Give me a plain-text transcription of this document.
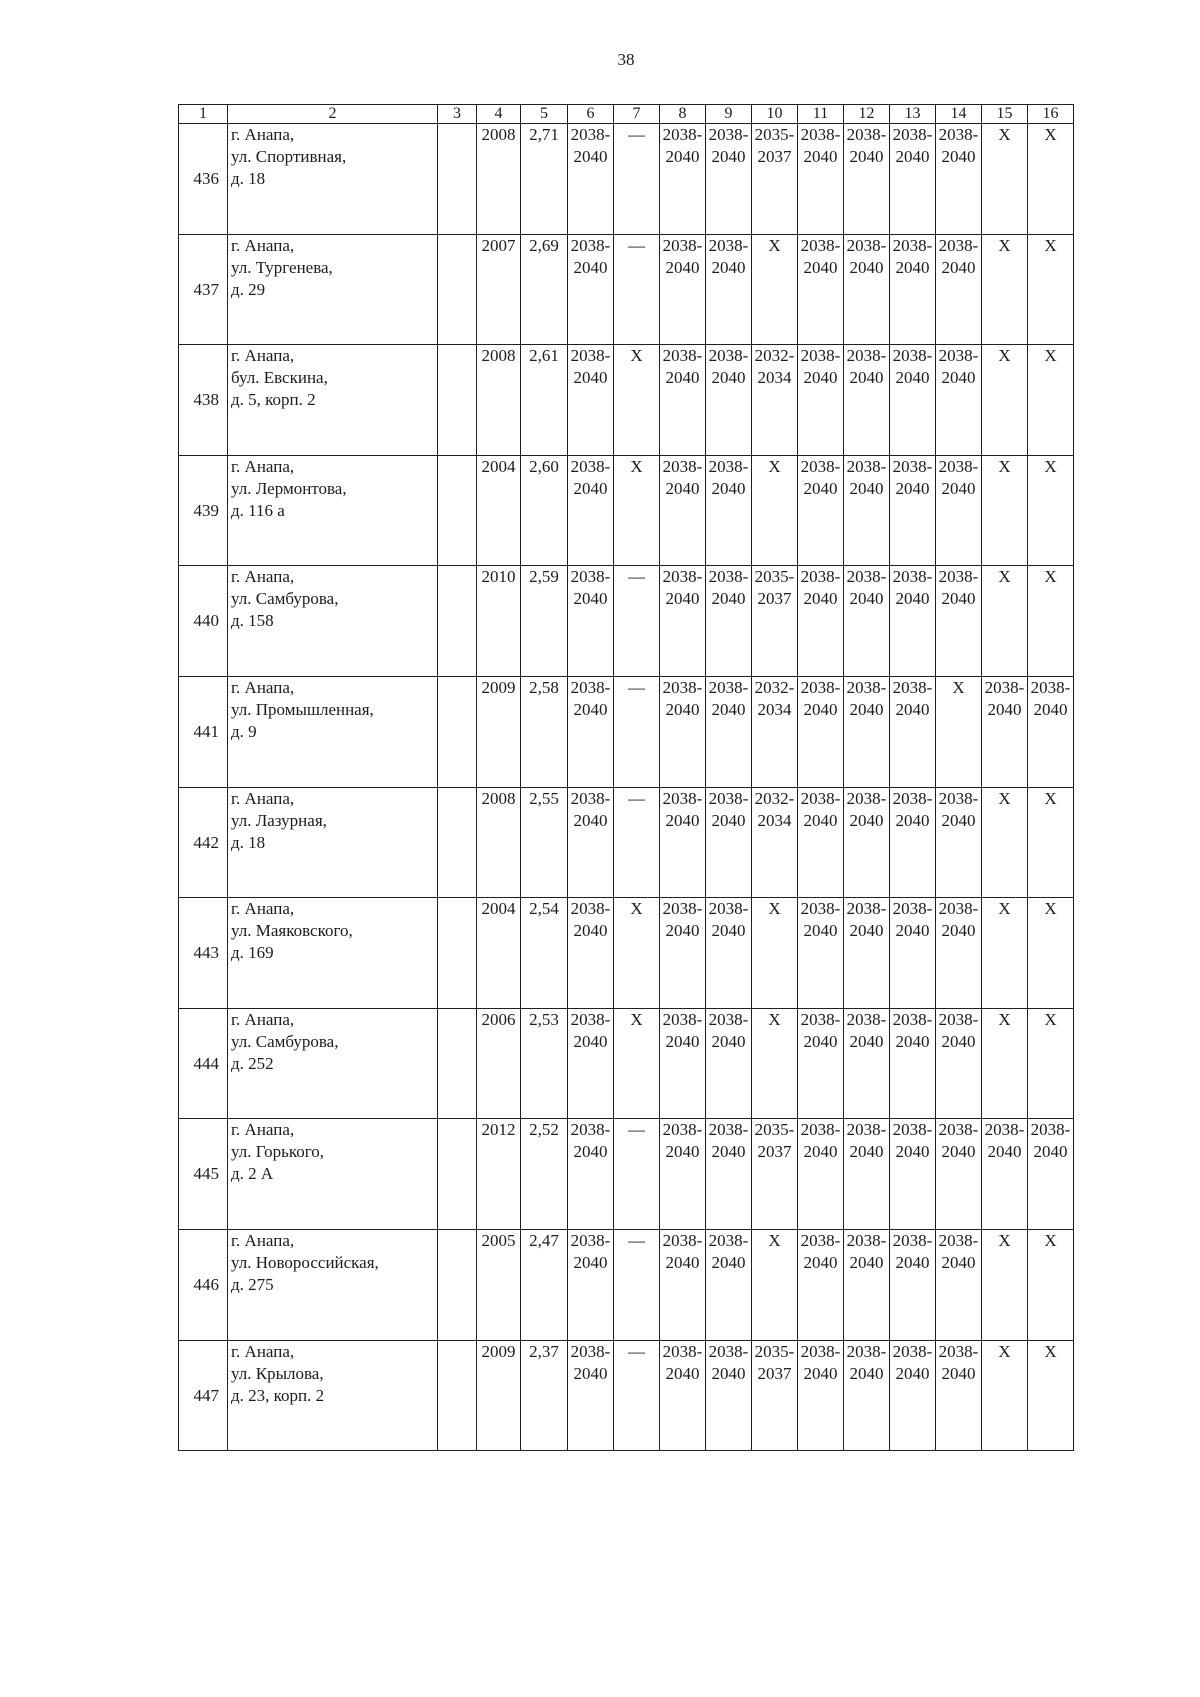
38
1	2	3	4	5	6	7	8	9	10	11	12	13	14	15	16
436	г. Анапа,
ул. Спортивная,
д. 18		2008	2,71	2038-
2040	—	2038-
2040	2038-
2040	2035-
2037	2038-
2040	2038-
2040	2038-
2040	2038-
2040	Х	Х
437	г. Анапа,
ул. Тургенева,
д. 29		2007	2,69	2038-
2040	—	2038-
2040	2038-
2040	Х	2038-
2040	2038-
2040	2038-
2040	2038-
2040	Х	Х
438	г. Анапа,
бул. Евскина,
д. 5, корп. 2		2008	2,61	2038-
2040	Х	2038-
2040	2038-
2040	2032-
2034	2038-
2040	2038-
2040	2038-
2040	2038-
2040	Х	Х
439	г. Анапа,
ул. Лермонтова,
д. 116 а		2004	2,60	2038-
2040	Х	2038-
2040	2038-
2040	Х	2038-
2040	2038-
2040	2038-
2040	2038-
2040	Х	Х
440	г. Анапа,
ул. Самбурова,
д. 158		2010	2,59	2038-
2040	—	2038-
2040	2038-
2040	2035-
2037	2038-
2040	2038-
2040	2038-
2040	2038-
2040	Х	Х
441	г. Анапа,
ул. Промышленная,
д. 9		2009	2,58	2038-
2040	—	2038-
2040	2038-
2040	2032-
2034	2038-
2040	2038-
2040	2038-
2040	Х	2038-
2040	2038-
2040

442	г. Анапа,
ул. Лазурная,
д. 18		2008	2,55	2038-
2040	—	2038-
2040	2038-
2040	2032-
2034	2038-
2040	2038-
2040	2038-
2040	2038-
2040	Х	Х
443	г. Анапа,
ул. Маяковского,
д. 169		2004	2,54	2038-
2040	Х	2038-
2040	2038-
2040	Х	2038-
2040	2038-
2040	2038-
2040	2038-
2040	Х	Х
444	г. Анапа,
ул. Самбурова,
д. 252		2006	2,53	2038-
2040	Х	2038-
2040	2038-
2040	Х	2038-
2040	2038-
2040	2038-
2040	2038-
2040	Х	Х
445	г. Анапа,
ул. Горького,
д. 2 А		2012	2,52	2038-
2040	—	2038-
2040	2038-
2040	2035-
2037	2038-
2040	2038-
2040	2038-
2040	2038-
2040	2038-
2040	2038-
2040

446	г. Анапа,
ул. Новороссийская,
д. 275		2005	2,47	2038-
2040	—	2038-
2040	2038-
2040	Х	2038-
2040	2038-
2040	2038-
2040	2038-
2040	Х	Х
447	г. Анапа,
ул. Крылова,
д. 23, корп. 2		2009	2,37	2038-
2040	—	2038-
2040	2038-
2040	2035-
2037	2038-
2040	2038-
2040	2038-
2040	2038-
2040	Х	Х
